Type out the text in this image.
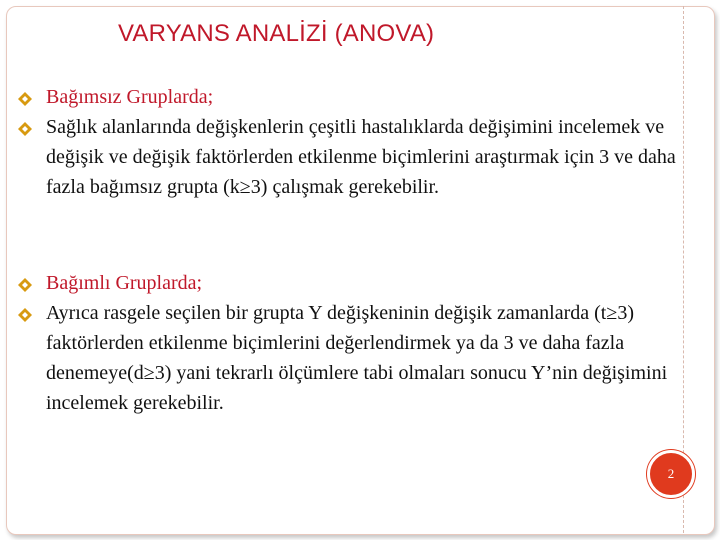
VARYANS ANALİZİ (ANOVA)
Bağımsız Gruplarda;
Sağlık alanlarında değişkenlerin çeşitli hastalıklarda değişimini incelemek ve değişik ve değişik faktörlerden etkilenme biçimlerini araştırmak için 3 ve daha fazla bağımsız grupta (k≥3) çalışmak gerekebilir.
Bağımlı Gruplarda;
Ayrıca rasgele seçilen bir grupta Y değişkeninin değişik zamanlarda (t≥3) faktörlerden etkilenme biçimlerini değerlendirmek ya da 3 ve daha fazla denemeye(d≥3) yani tekrarlı ölçümlere tabi olmaları sonucu Y’nin değişimini incelemek gerekebilir.
2
